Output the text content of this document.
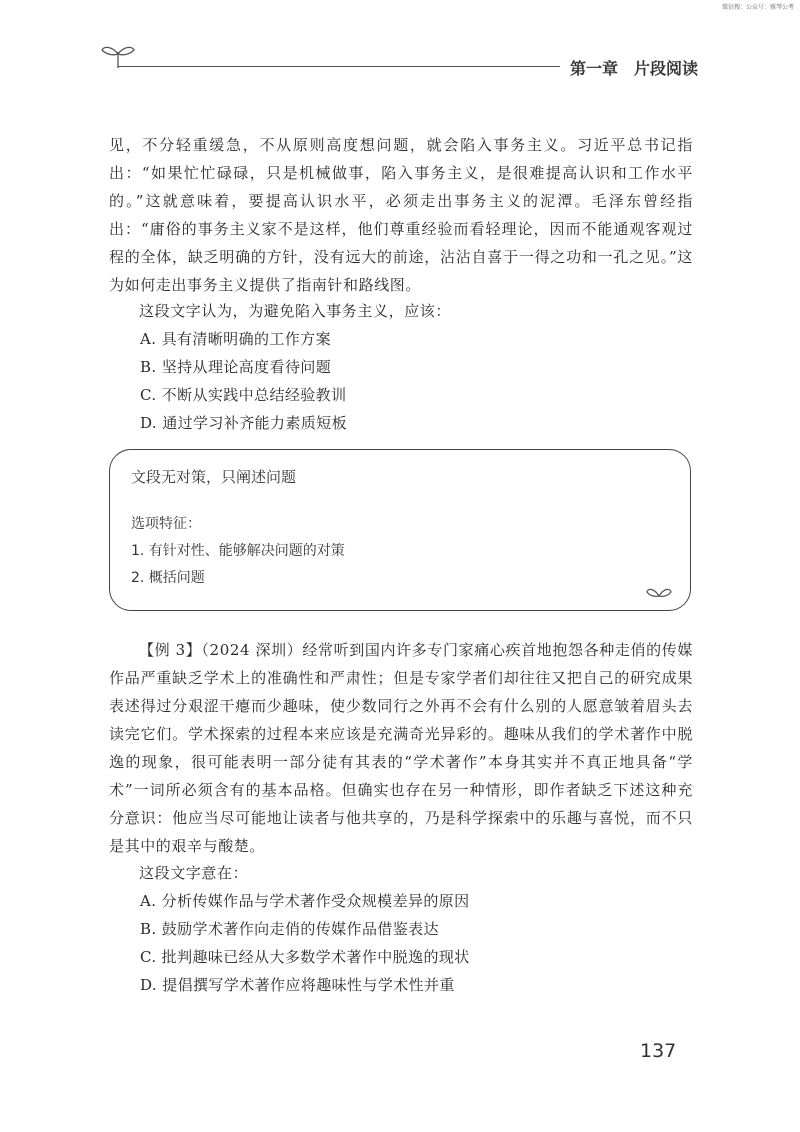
微信搜：公众号：雅琴公考
第一章　片段阅读

见，不分轻重缓急，不从原则高度想问题，就会陷入事务主义。习近平总书记指出：“如果忙忙碌碌，只是机械做事，陷入事务主义，是很难提高认识和工作水平的。”这就意味着，要提高认识水平，必须走出事务主义的泥潭。毛泽东曾经指出：“庸俗的事务主义家不是这样，他们尊重经验而看轻理论，因而不能通观客观过程的全体，缺乏明确的方针，没有远大的前途，沾沾自喜于一得之功和一孔之见。”这为如何走出事务主义提供了指南针和路线图。

这段文字认为，为避免陷入事务主义，应该：

A. 具有清晰明确的工作方案

B. 坚持从理论高度看待问题

C. 不断从实践中总结经验教训

D. 通过学习补齐能力素质短板

文段无对策，只阐述问题
选项特征：
1. 有针对性、能够解决问题的对策
2. 概括问题

【例 3】（2024 深圳）经常听到国内许多专门家痛心疾首地抱怨各种走俏的传媒作品严重缺乏学术上的准确性和严肃性；但是专家学者们却往往又把自己的研究成果表述得过分艰涩干瘪而少趣味，使少数同行之外再不会有什么别的人愿意皱着眉头去读完它们。学术探索的过程本来应该是充满奇光异彩的。趣味从我们的学术著作中脱逸的现象，很可能表明一部分徒有其表的“学术著作”本身其实并不真正地具备“学术”一词所必须含有的基本品格。但确实也存在另一种情形，即作者缺乏下述这种充分意识：他应当尽可能地让读者与他共享的，乃是科学探索中的乐趣与喜悦，而不只是其中的艰辛与酸楚。

这段文字意在：

A. 分析传媒作品与学术著作受众规模差异的原因

B. 鼓励学术著作向走俏的传媒作品借鉴表达

C. 批判趣味已经从大多数学术著作中脱逸的现状

D. 提倡撰写学术著作应将趣味性与学术性并重

137
